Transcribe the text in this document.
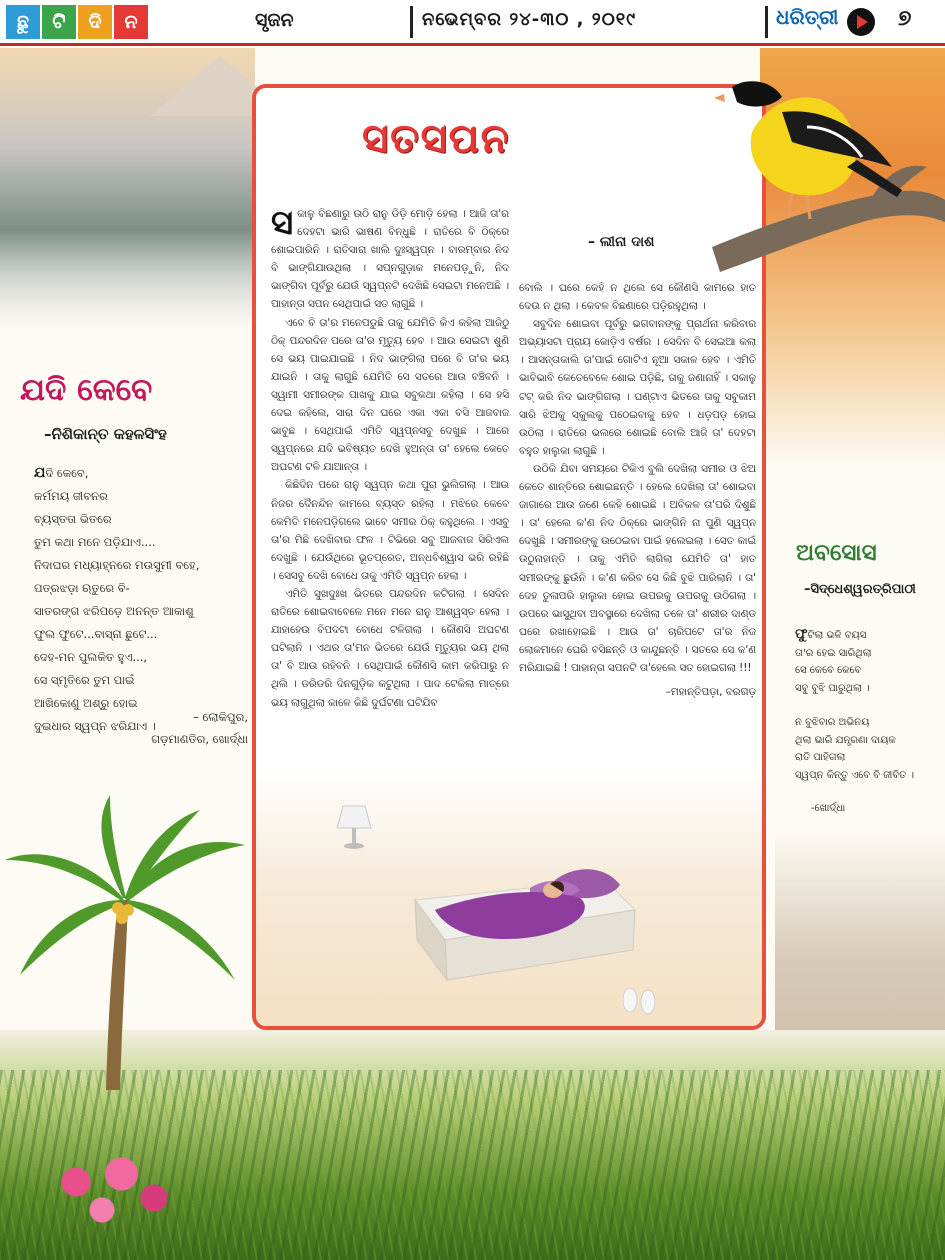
ଛୁ	ଟି	ଦି	ନ	ସୃଜନ	ନଭେମ୍ବର ୨୪-୩୦ , ୨୦୧୯	ଧରିତ୍ରୀ	୭
ଯଦି କେବେ
–ନିଶିକାନ୍ତ କହଳସିଂହ
ଯଦି କେବେ,
କର୍ମମୟ ଜୀବନର
ବ୍ୟସ୍ତତା ଭିତରେ
ତୁମ କଥା ମନେ ପଡ଼ିଯାଏ....
ନିଦାଘର ମଧ୍ୟାହ୍ନରେ ମଉସୁମୀ ବହେ,
ପତ୍ରଝଡ଼ା ଋତୁରେ ବି-
ସାତରଙ୍ଗ ଝରିପଡ଼େ ଅନନ୍ତ ଆକାଶୁ
ଫୁଲ ଫୁଟେ...ବାସ୍ନା ଛୁଟେ...
ଦେହ-ମନ ପୁଲକିତ ହୁଏ...,
ସେ ସ୍ମୃତିରେ ତୁମ ପାଇଁ
ଆଖିକୋଣୁ ଅଶ୍ରୁ ହୋଇ
ଦୁଇଧାର ସ୍ୱପ୍ନ ଝରିଯାଏ ।
– ଲୋକିପୁର,
ଗଡ଼ମାଣତିର, ଖୋର୍ଦ୍ଧା
ସତସପନ
– ଲୀନା ଦାଶ

ସକାଳୁ ବିଛଣାରୁ ଉଠି ରାନୁ ଡିଡ଼ି ମୋଡ଼ି ହେଲା । ଆଜି ତା'ର ଦେହଟା ଭାରି ଭାଷଣ ବିନ୍ଧୁଛି । ରାତିରେ ବି ଠିକ୍‌ରେ ଶୋଇପାରିନି । ରାତିସାରା ଖାଲି ଦୁଃସ୍ୱପ୍ନ । ବାରମ୍ବାର ନିଦ ବି ଭାଙ୍ଗିଯାଉଥିଲା । ସପ୍ନଗୁଡ଼ାକ ମନେପଡ଼ୁନି, ନିଦ ଭାଙ୍ଗିବା ପୂର୍ବରୁ ଯେଉଁ ସ୍ୱପ୍ନଟି ଦେଖିଛି ସେଇଟା ମନେଅଛି । ପାହାନ୍ତା ସପନ ସେଥିପାଇଁ ସତ ଲାଗୁଛି ।

ଏବେ ବି ତା'ର ମନେପଡୁଛି ତାକୁ ଯେମିତି କିଏ କହିଲା ଆଜିଠୁ ଠିକ୍ ପନ୍ଦରଦିନ ପରେ ତା'ର ମୃତ୍ୟୁ ହେବ । ଆଉ ସେଇଟା ଶୁଣି ସେ ଭୟ ପାଇଯାଇଛି । ନିଦ ଭାଙ୍ଗିଲା ପରେ ବି ତା'ର ଭୟ ଯାଇନି । ତାକୁ ଲାଗୁଛି ଯେମିତି ସେ ସତରେ ଆଉ ବଞ୍ଚିବନି । ସ୍ୱାମୀ ସମୀରଙ୍କ ପାଖକୁ ଯାଇ ସବୁକଥା କହିଲା । ସେ ହସି ଦେଇ କହିଲେ, ସାରା ଦିନ ଘରେ ଏକା ଏକା ବସି ଆଜବାଜ ଭାବୁଛ । ସେଥିପାଇଁ ଏମିତି ସ୍ୱପ୍ନସବୁ ଦେଖୁଛ । ଆରେ ସ୍ୱପ୍ନରେ ଯଦି ଭବିଷ୍ୟତ ଦେଖି ହୁଅନ୍ତା ତା' ହେଲେ କେତେ ଅଘଟଣ ଟଳି ଯାଆନ୍ତା ।

କିଛିଦିନ ପରେ ରାନୁ ସ୍ୱପ୍ନ କଥା ପୁରା ଭୁଲିଗଲା । ଆଉ ନିଜର ଦୈନନ୍ଦିନ କାମରେ ବ୍ୟସ୍ତ ରହିଲା । ମଝିରେ କେବେ କେମିତି ମନେପଡ଼ିଗଲେ ଭାବେ ସମୀର ଠିକ୍ କହୁଥିଲେ । ଏସବୁ ତା'ର ମିଛି ଦେଖିବାର ଫଳ । ଟିଭିରେ ସବୁ ଆଜବାଜ ସିରିଏଲ ଦେଖୁଛି । ଯେଉଁଥିରେ ଭୂତପ୍ରେତ, ଅନ୍ଧବିଶ୍ୱାସ ଭରି ରହିଛି । ସେସବୁ ଦେଖି ବୋଧେ ତାକୁ ଏମିତି ସ୍ୱପ୍ନ ହେଲା ।

ଏମିତି ସୁଖଦୁଃଖ ଭିତରେ ପନ୍ଦରଦିନ କଟିଗଲା । ସେଦିନ ରାତିରେ ଶୋଇବାବେଳେ ମନେ ମନେ ରାନୁ ଆଶ୍ୱସ୍ତ ହେଲା । ଯାହାହେଉ ବିପଦଟା ବୋଧେ ଟଳିଗଲା । କୌଣସି ଅଘଟଣ ଘଟିଲାନି । ଏଥର ତା'ମନ ଭିତରେ ଯେଉଁ ମୃତ୍ୟୁର ଭୟ ଥିଲା ତା' ବି ଆଉ ରହିବନି । ସେଥିପାଇଁ କୌଣସି କାମ କରିପାରୁ ନ ଥିଲି । ଡରିଡରି ଦିନଗୁଡ଼ିକ କଟୁଥିଲା । ପାଦ ଟେକିଲା ମାତ୍ରେ ଭୟ ଲାଗୁଥିଲା କାଳେ କିଛି ଦୁର୍ଘଟଣା ଘଟିଯିବ

ବୋଲି । ଘରେ କେହି ନ ଥିଲେ ସେ କୌଣସି କାମରେ ହାତ ଦେଉ ନ ଥିଲା । କେବଳ ବିଛଣାରେ ପଡ଼ିରହୁଥିଲା ।

ସବୁଦିନ ଶୋଇବା ପୂର୍ବରୁ ଭଗବାନଙ୍କୁ ପ୍ରାର୍ଥନା କରିବାର ଅଭ୍ୟାସଟା ପ୍ରାୟ କୋଡ଼ିଏ ବର୍ଷର । ସେଦିନ ବି ସେଇଆ କଲା । ଆସନ୍ତାକାଲି ତା'ପାଇଁ ଗୋଟିଏ ନୂଆ ସକାଳ ହେବ । ଏମିତି ଭାବିଭାବି କେତେବେଳେ ଶୋଇ ପଡ଼ିଛି, ତାକୁ ଜଣାନାହିଁ । ସକାଳୁ ଟଟ୍ କରି ନିଦ ଭାଙ୍ଗିଗଲା । ଘଣ୍ଟାଏ ଭିତରେ ତାକୁ ସବୁକାମ ସାରି ଝିଅକୁ ସ୍କୁଲକୁ ପଠେଇବାକୁ ହେବ । ଧଡ଼ପଡ଼ ହୋଇ ଉଠିଲା । ରାତିରେ ଭଲରେ ଶୋଇଛି ବୋଲି ଆଜି ତା' ଦେହଟା ବହୁତ ହାଲୁକା ଲାଗୁଛି ।

ଉଠିକି ଯିବା ସମୟରେ ଟିକିଏ ବୁଲି ଦେଖିଲା ସମୀର ଓ ଝିଅ କେତେ ଶାନ୍ତିରେ ଶୋଇଛନ୍ତି । ହେଲେ ଦେଖିଲା ତା' ଶୋଇବା ଜାଗାରେ ଆଉ ଜଣେ କେହି ଶୋଇଛି । ଅବିକଳ ତା'ପରି ଦିଶୁଛି । ତା' ହେଲେ କ'ଣ ନିଦ ଠିକ୍‌ରେ ଭାଙ୍ଗିନି ନା ପୁଣି ସ୍ୱପ୍ନ ଦେଖୁଛି । ସମୀରଙ୍କୁ ଉଠେଇବା ପାଇଁ ହଲେଇଲା । ସେତ କାଇଁ ଉଠୁନାହାନ୍ତି । ତାକୁ ଏମିତି ଲାଗିଲା ଯେମିତି ତା' ହାତ ସମୀରଙ୍କୁ ଛୁଉଁନି । କ'ଣ କରିବ ସେ କିଛି ବୁଝି ପାରିଲାନି । ତା' ଦେହ ତୁଳାପରି ହାଲୁକା ହୋଇ ଉପରକୁ ଉପରକୁ ଉଠିଗଲା । ଉପରେ ଭାସୁଥିବା ଅବସ୍ଥାରେ ଦେଖିଲା ତଳେ ତା' ଶରୀର ଦାଣ୍ଡ ଘରେ ରଖାହୋଇଛି । ଆଉ ତା' ଚାରିପଟେ ତା'ର ନିଜ ଲୋକମାନେ ଘେରି ବସିଛନ୍ତି ଓ କାନ୍ଦୁଛନ୍ତି । ସତରେ ସେ କ'ଣ ମରିଯାଇଛି ! ପାହାନ୍ତା ସପନଟି ତା'ହେଲେ ସତ ହୋଇଗଲା !!!

–ମହାନ୍ତିପଡ଼ା, ବରଗଡ଼
ଅବସୋସ
–ସିଦ୍ଧେଶ୍ୱରତ୍ରିପାଠୀ
ଫୁଟିଲା ଭଳି ବୟସ
ତା'ର ହେଇ ସାରିଥିଲା
ସେ କେବେ କେବେ
ସବୁ ବୁଝି ପାରୁଥିଲା ।
ନ ବୁଝିବାର ଅଭିନୟ
ଥିଲା ଭାରି ଯନ୍ତ୍ରଣା ଦାୟକ
ରାତି ପାହିଗଲା
ସ୍ୱପ୍ନ କିନ୍ତୁ ଏବେ ବି ଜୀବିତ ।
-ଖୋର୍ଦ୍ଧା
